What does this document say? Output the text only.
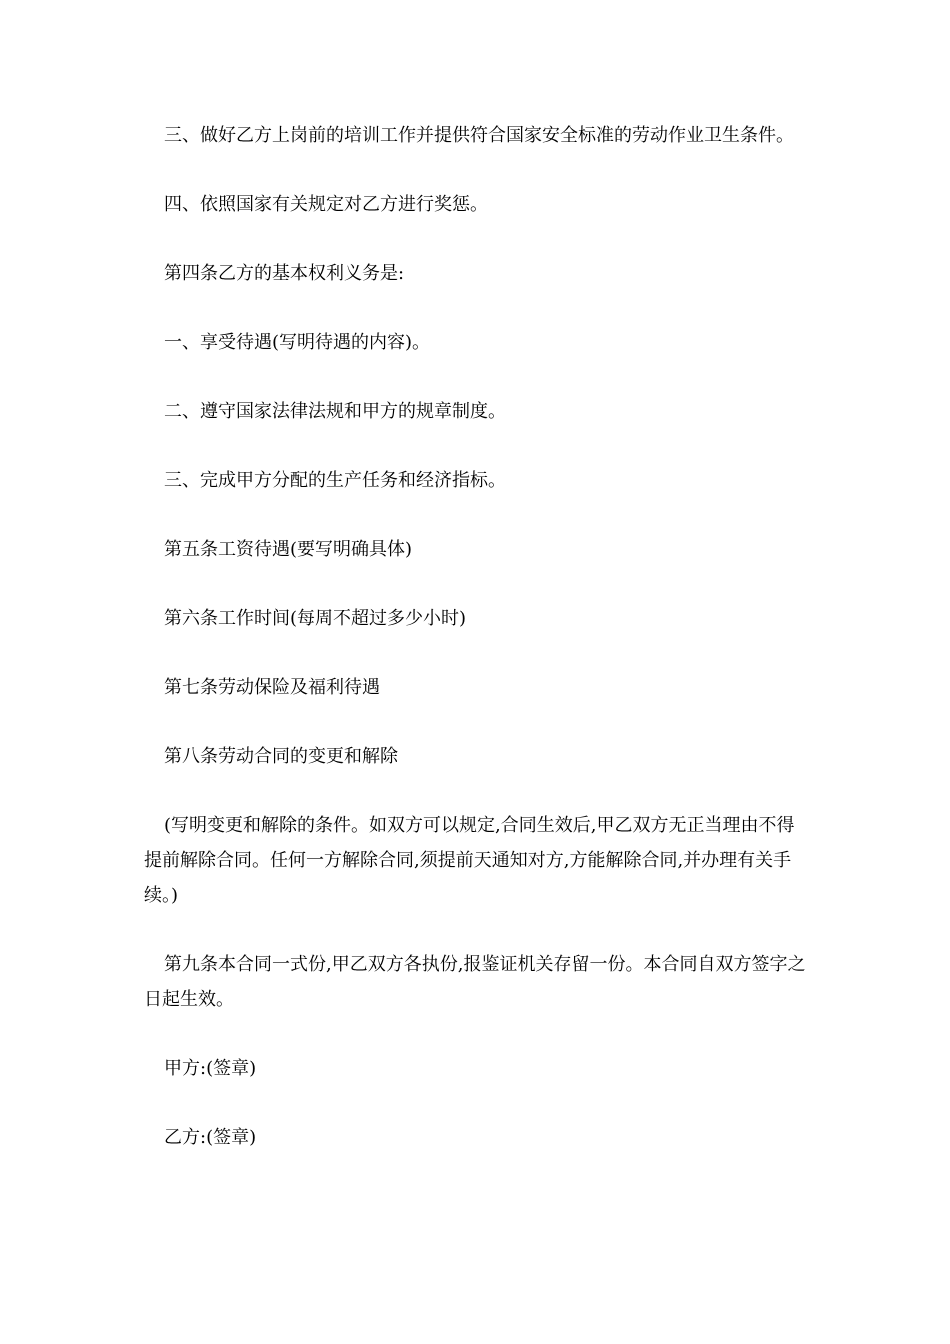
三、做好乙方上岗前的培训工作并提供符合国家安全标准的劳动作业卫生条件。

四、依照国家有关规定对乙方进行奖惩。

第四条乙方的基本权利义务是:

一、享受待遇(写明待遇的内容)。

二、遵守国家法律法规和甲方的规章制度。

三、完成甲方分配的生产任务和经济指标。

第五条工资待遇(要写明确具体)

第六条工作时间(每周不超过多少小时)

第七条劳动保险及福利待遇

第八条劳动合同的变更和解除

(写明变更和解除的条件。如双方可以规定,合同生效后,甲乙双方无正当理由不得提前解除合同。任何一方解除合同,须提前天通知对方,方能解除合同,并办理有关手续。)

第九条本合同一式份,甲乙双方各执份,报鉴证机关存留一份。本合同自双方签字之日起生效。

甲方:(签章)

乙方:(签章)
